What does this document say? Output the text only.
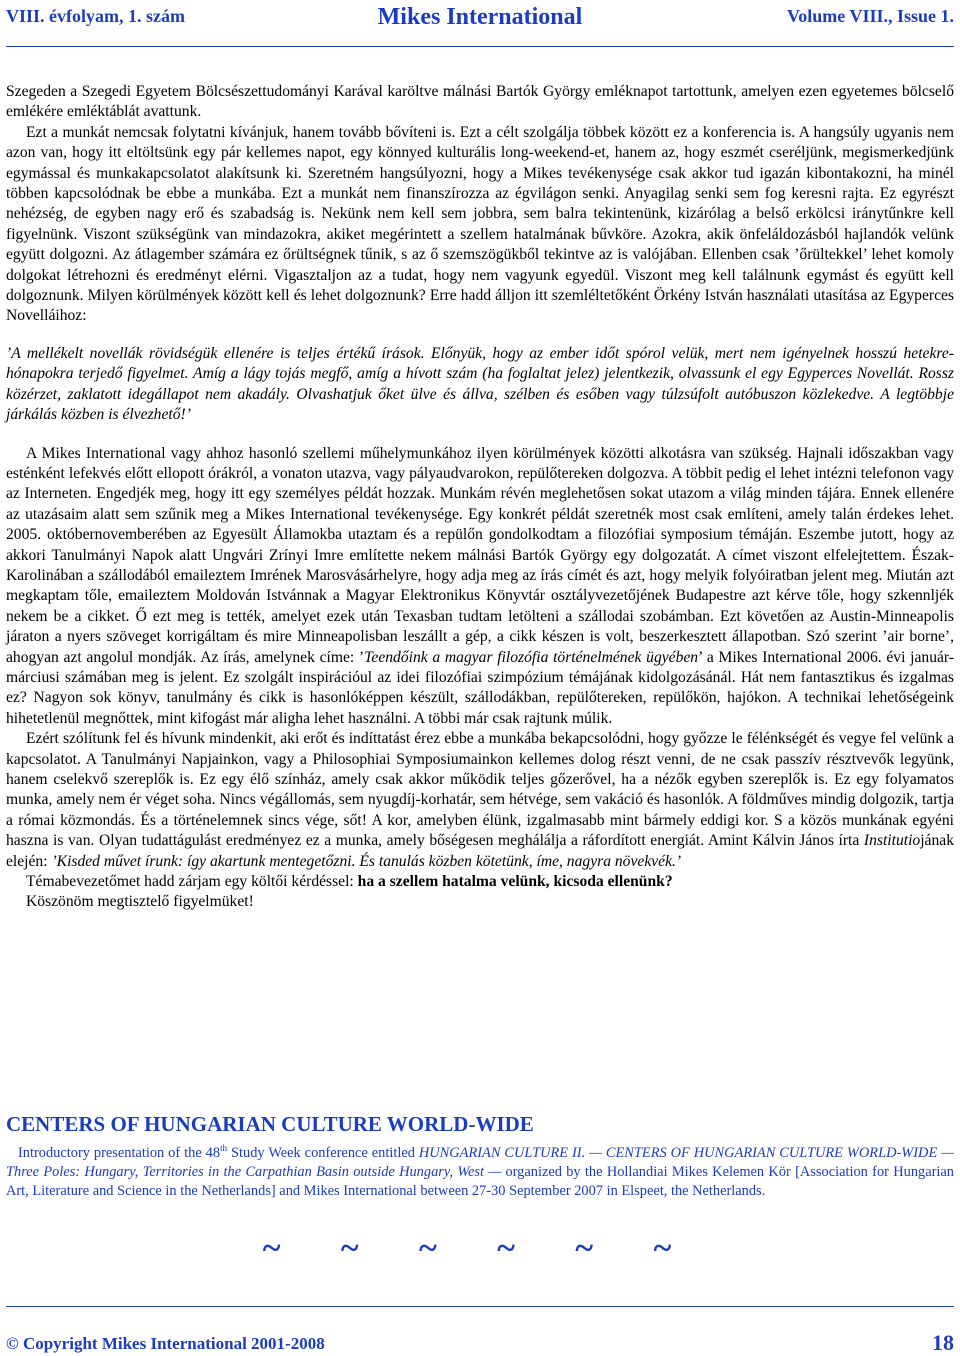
VIII. évfolyam, 1. szám	Mikes International	Volume VIII., Issue 1.

Szegeden a Szegedi Egyetem Bölcsészettudományi Karával karöltve málnási Bartók György emléknapot tartottunk, amelyen ezen egyetemes bölcselő emlékére emléktáblát avattunk.

Ezt a munkát nemcsak folytatni kívánjuk, hanem tovább bővíteni is. Ezt a célt szolgálja többek között ez a konferencia is. A hangsúly ugyanis nem azon van, hogy itt eltöltsünk egy pár kellemes napot, egy könnyed kulturális long-weekend-et, hanem az, hogy eszmét cseréljünk, megismerkedjünk egymással és munkakapcsolatot alakítsunk ki. Szeretném hangsúlyozni, hogy a Mikes tevékenysége csak akkor tud igazán kibontakozni, ha minél többen kapcsolódnak be ebbe a munkába. Ezt a munkát nem finanszírozza az égvilágon senki. Anyagilag senki sem fog keresni rajta. Ez egyrészt nehézség, de egyben nagy erő és szabadság is. Nekünk nem kell sem jobbra, sem balra tekintenünk, kizárólag a belső erkölcsi iránytűnkre kell figyelnünk. Viszont szükségünk van mindazokra, akiket megérintett a szellem hatalmának bűvköre. Azokra, akik önfeláldozásból hajlandók velünk együtt dolgozni. Az átlagember számára ez őrültségnek tűnik, s az ő szemszögükből tekintve az is valójában. Ellenben csak ’őrültekkel’ lehet komoly dolgokat létrehozni és eredményt elérni. Vigasztaljon az a tudat, hogy nem vagyunk egyedül. Viszont meg kell találnunk egymást és együtt kell dolgoznunk. Milyen körülmények között kell és lehet dolgoznunk? Erre hadd álljon itt szemléltetőként Örkény István használati utasítása az Egyperces Novelláihoz:

’A mellékelt novellák rövidségük ellenére is teljes értékű írások. Előnyük, hogy az ember időt spórol velük, mert nem igényelnek hosszú hetekre-hónapokra terjedő figyelmet. Amíg a lágy tojás megfő, amíg a hívott szám (ha foglaltat jelez) jelentkezik, olvassunk el egy Egyperces Novellát. Rossz közérzet, zaklatott idegállapot nem akadály. Olvashatjuk őket ülve és állva, szélben és esőben vagy túlzsúfolt autóbuszon közlekedve. A legtöbbje járkálás közben is élvezhető!’

A Mikes International vagy ahhoz hasonló szellemi műhelymunkához ilyen körülmények közötti alkotásra van szükség. Hajnali időszakban vagy esténként lefekvés előtt ellopott órákról, a vonaton utazva, vagy pályaudvarokon, repülőtereken dolgozva. A többit pedig el lehet intézni telefonon vagy az Interneten. Engedjék meg, hogy itt egy személyes példát hozzak. Munkám révén meglehetősen sokat utazom a világ minden tájára. Ennek ellenére az utazásaim alatt sem szűnik meg a Mikes International tevékenysége. Egy konkrét példát szeretnék most csak említeni, amely talán érdekes lehet. 2005. októbernovemberében az Egyesült Államokba utaztam és a repülőn gondolkodtam a filozófiai symposium témáján. Eszembe jutott, hogy az akkori Tanulmányi Napok alatt Ungvári Zrínyi Imre említette nekem málnási Bartók György egy dolgozatát. A címet viszont elfelejtettem. Észak-Karolinában a szállodából emaileztem Imrének Marosvásárhelyre, hogy adja meg az írás címét és azt, hogy melyik folyóiratban jelent meg. Miután azt megkaptam tőle, emaileztem Moldován Istvánnak a Magyar Elektronikus Könyvtár osztályvezetőjének Budapestre azt kérve tőle, hogy szkennljék nekem be a cikket. Ő ezt meg is tették, amelyet ezek után Texasban tudtam letölteni a szállodai szobámban. Ezt követően az Austin-Minneapolis járaton a nyers szöveget korrigáltam és mire Minneapolisban leszállt a gép, a cikk készen is volt, beszerkesztett állapotban. Szó szerint ’air borne’, ahogyan azt angolul mondják. Az írás, amelynek címe: ’Teendőink a magyar filozófia történelmének ügyében’ a Mikes International 2006. évi január-márciusi számában meg is jelent. Ez szolgált inspirációul az idei filozófiai szimpózium témájának kidolgozásánál. Hát nem fantasztikus és izgalmas ez? Nagyon sok könyv, tanulmány és cikk is hasonlóképpen készült, szállodákban, repülőtereken, repülőkön, hajókon. A technikai lehetőségeink hihetetlenül megnőttek, mint kifogást már aligha lehet használni. A többi már csak rajtunk múlik.

Ezért szólítunk fel és hívunk mindenkit, aki erőt és indíttatást érez ebbe a munkába bekapcsolódni, hogy győzze le félénkségét és vegye fel velünk a kapcsolatot. A Tanulmányi Napjainkon, vagy a Philosophiai Symposiumainkon kellemes dolog részt venni, de ne csak passzív résztvevők legyünk, hanem cselekvő szereplők is. Ez egy élő színház, amely csak akkor működik teljes gőzerővel, ha a nézők egyben szereplők is. Ez egy folyamatos munka, amely nem ér véget soha. Nincs végállomás, sem nyugdíj-korhatár, sem hétvége, sem vakáció és hasonlók. A földműves mindig dolgozik, tartja a római közmondás. És a történelemnek sincs vége, sőt! A kor, amelyben élünk, izgalmasabb mint bármely eddigi kor. S a közös munkának egyéni haszna is van. Olyan tudattágulást eredményez ez a munka, amely bőségesen meghálálja a ráfordított energiát. Amint Kálvin János írta Institutiojának elején: ’Kisded művet írunk: így akartunk mentegetőzni. És tanulás közben kötetünk, íme, nagyra növekvék.’

Témabevezetőmet hadd zárjam egy költői kérdéssel: ha a szellem hatalma velünk, kicsoda ellenünk?

Köszönöm megtisztelő figyelmüket!

CENTERS OF HUNGARIAN CULTURE WORLD-WIDE
Introductory presentation of the 48th Study Week conference entitled HUNGARIAN CULTURE II. — CENTERS OF HUNGARIAN CULTURE WORLD-WIDE — Three Poles: Hungary, Territories in the Carpathian Basin outside Hungary, West — organized by the Hollandiai Mikes Kelemen Kör [Association for Hungarian Art, Literature and Science in the Netherlands] and Mikes International between 27-30 September 2007 in Elspeet, the Netherlands.
~ ~ ~ ~ ~ ~
© Copyright Mikes International 2001-2008	18
